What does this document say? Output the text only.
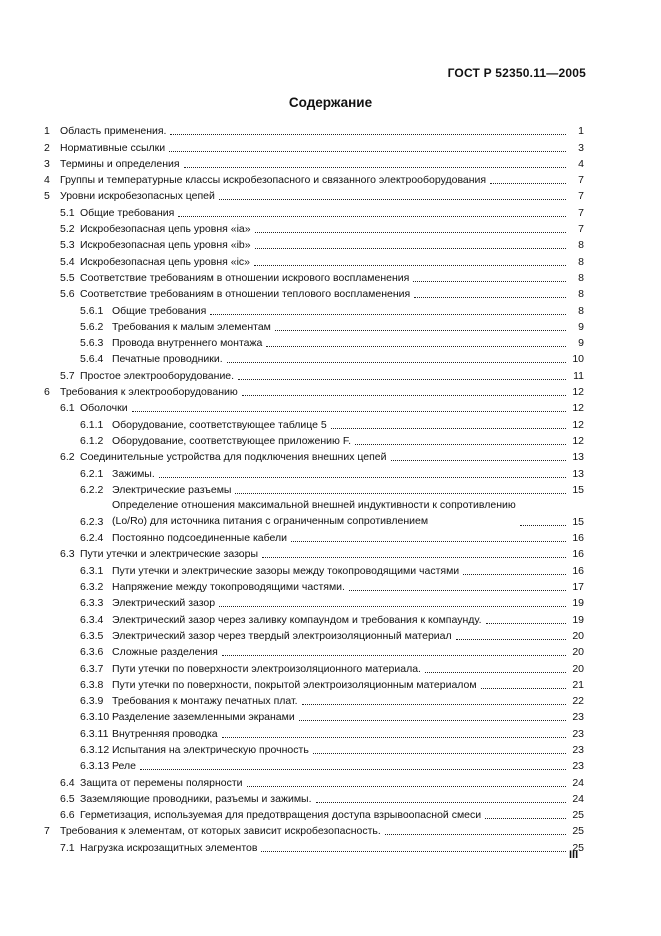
ГОСТ Р 52350.11—2005
Содержание
1 Область применения.	1
2 Нормативные ссылки	3
3 Термины и определения	4
4 Группы и температурные классы искробезопасного и связанного электрооборудования	7
5 Уровни искробезопасных цепей	7
5.1 Общие требования	7
5.2 Искробезопасная цепь уровня «ia»	7
5.3 Искробезопасная цепь уровня «ib»	8
5.4 Искробезопасная цепь уровня «ic»	8
5.5 Соответствие требованиям в отношении искрового воспламенения	8
5.6 Соответствие требованиям в отношении теплового воспламенения	8
5.6.1 Общие требования	8
5.6.2 Требования к малым элементам	9
5.6.3 Провода внутреннего монтажа	9
5.6.4 Печатные проводники.	10
5.7 Простое электрооборудование.	11
6 Требования к электрооборудованию	12
6.1 Оболочки	12
6.1.1 Оборудование, соответствующее таблице 5	12
6.1.2 Оборудование, соответствующее приложению F.	12
6.2 Соединительные устройства для подключения внешних цепей	13
6.2.1 Зажимы.	13
6.2.2 Электрические разъемы	15
6.2.3
Определение отношения максимальной внешней индуктивности к сопротивлению
(Lo/Ro) для источника питания с ограниченным сопротивлением	15
6.2.4 Постоянно подсоединенные кабели	16
6.3 Пути утечки и электрические зазоры	16
6.3.1 Пути утечки и электрические зазоры между токопроводящими частями	16
6.3.2 Напряжение между токопроводящими частями.	17
6.3.3 Электрический зазор	19
6.3.4 Электрический зазор через заливку компаундом и требования к компаунду.	19
6.3.5 Электрический зазор через твердый электроизоляционный материал	20
6.3.6 Сложные разделения	20
6.3.7 Пути утечки по поверхности электроизоляционного материала.	20
6.3.8 Пути утечки по поверхности, покрытой электроизоляционным материалом	21
6.3.9 Требования к монтажу печатных плат.	22
6.3.10 Разделение заземленными экранами	23
6.3.11 Внутренняя проводка	23
6.3.12 Испытания на электрическую прочность	23
6.3.13 Реле	23
6.4 Защита от перемены полярности	24
6.5 Заземляющие проводники, разъемы и зажимы.	24
6.6 Герметизация, используемая для предотвращения доступа взрывоопасной смеси	25
7 Требования к элементам, от которых зависит искробезопасность.	25
7.1 Нагрузка искрозащитных элементов	25
III
